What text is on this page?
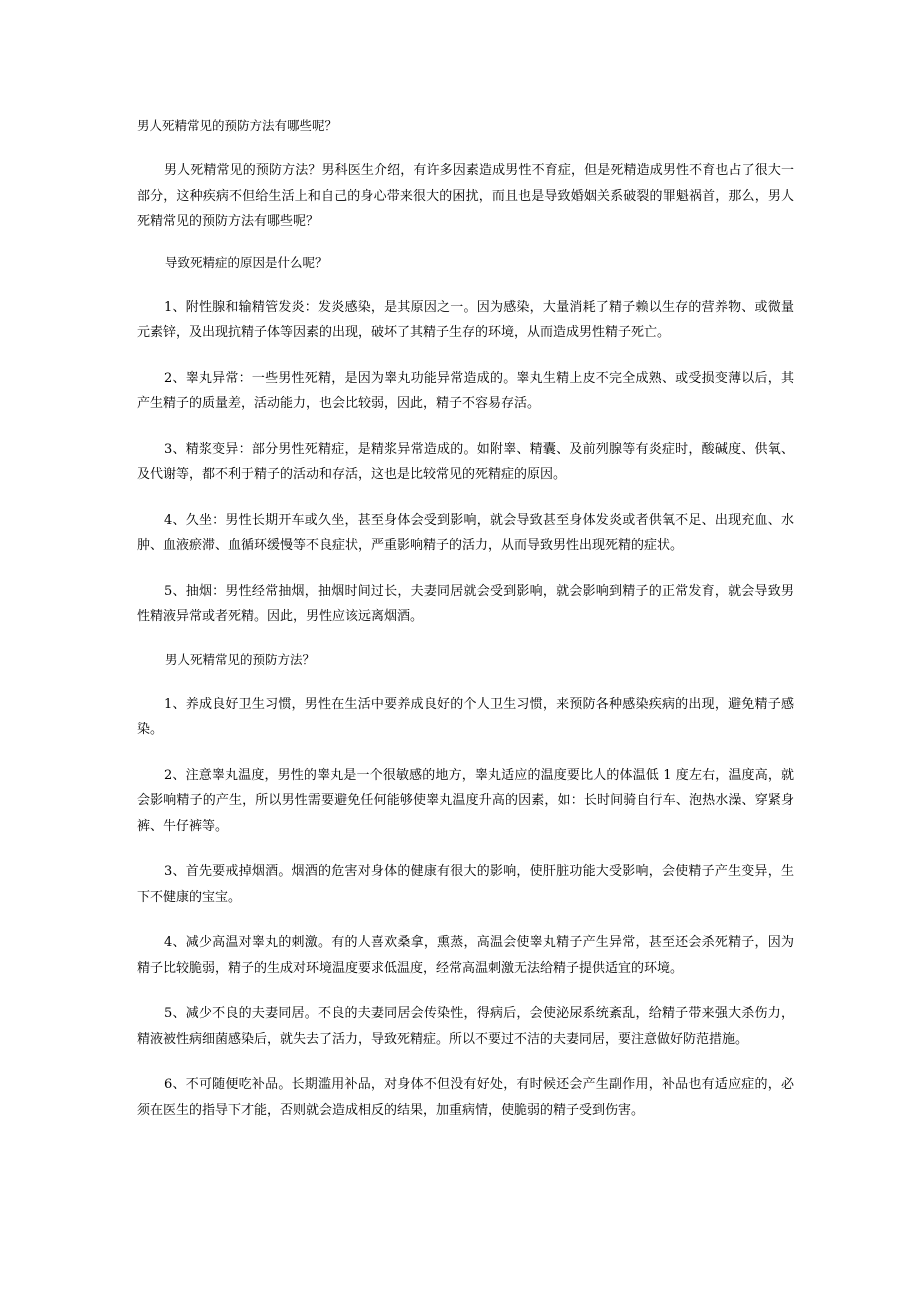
男人死精常见的预防方法有哪些呢？

男人死精常见的预防方法？男科医生介绍，有许多因素造成男性不育症，但是死精造成男性不育也占了很大一部分，这种疾病不但给生活上和自己的身心带来很大的困扰，而且也是导致婚姻关系破裂的罪魁祸首，那么，男人死精常见的预防方法有哪些呢？

导致死精症的原因是什么呢？

1、附性腺和输精管发炎：发炎感染，是其原因之一。因为感染，大量消耗了精子赖以生存的营养物、或微量元素锌，及出现抗精子体等因素的出现，破坏了其精子生存的环境，从而造成男性精子死亡。

2、睾丸异常：一些男性死精，是因为睾丸功能异常造成的。睾丸生精上皮不完全成熟、或受损变薄以后，其产生精子的质量差，活动能力，也会比较弱，因此，精子不容易存活。

3、精浆变异：部分男性死精症，是精浆异常造成的。如附睾、精囊、及前列腺等有炎症时，酸碱度、供氧、及代谢等，都不利于精子的活动和存活，这也是比较常见的死精症的原因。

4、久坐：男性长期开车或久坐，甚至身体会受到影响，就会导致甚至身体发炎或者供氧不足、出现充血、水肿、血液瘀滞、血循环缓慢等不良症状，严重影响精子的活力，从而导致男性出现死精的症状。

5、抽烟：男性经常抽烟，抽烟时间过长，夫妻同居就会受到影响，就会影响到精子的正常发育，就会导致男性精液异常或者死精。因此，男性应该远离烟酒。

男人死精常见的预防方法？

1、养成良好卫生习惯，男性在生活中要养成良好的个人卫生习惯，来预防各种感染疾病的出现，避免精子感染。

2、注意睾丸温度，男性的睾丸是一个很敏感的地方，睾丸适应的温度要比人的体温低 1 度左右，温度高，就会影响精子的产生，所以男性需要避免任何能够使睾丸温度升高的因素，如：长时间骑自行车、泡热水澡、穿紧身裤、牛仔裤等。

3、首先要戒掉烟酒。烟酒的危害对身体的健康有很大的影响，使肝脏功能大受影响，会使精子产生变异，生下不健康的宝宝。

4、减少高温对睾丸的刺激。有的人喜欢桑拿，熏蒸，高温会使睾丸精子产生异常，甚至还会杀死精子，因为精子比较脆弱，精子的生成对环境温度要求低温度，经常高温刺激无法给精子提供适宜的环境。

5、减少不良的夫妻同居。不良的夫妻同居会传染性，得病后，会使泌尿系统紊乱，给精子带来强大杀伤力，精液被性病细菌感染后，就失去了活力，导致死精症。所以不要过不洁的夫妻同居，要注意做好防范措施。

6、不可随便吃补品。长期滥用补品，对身体不但没有好处，有时候还会产生副作用，补品也有适应症的，必须在医生的指导下才能，否则就会造成相反的结果，加重病情，使脆弱的精子受到伤害。
